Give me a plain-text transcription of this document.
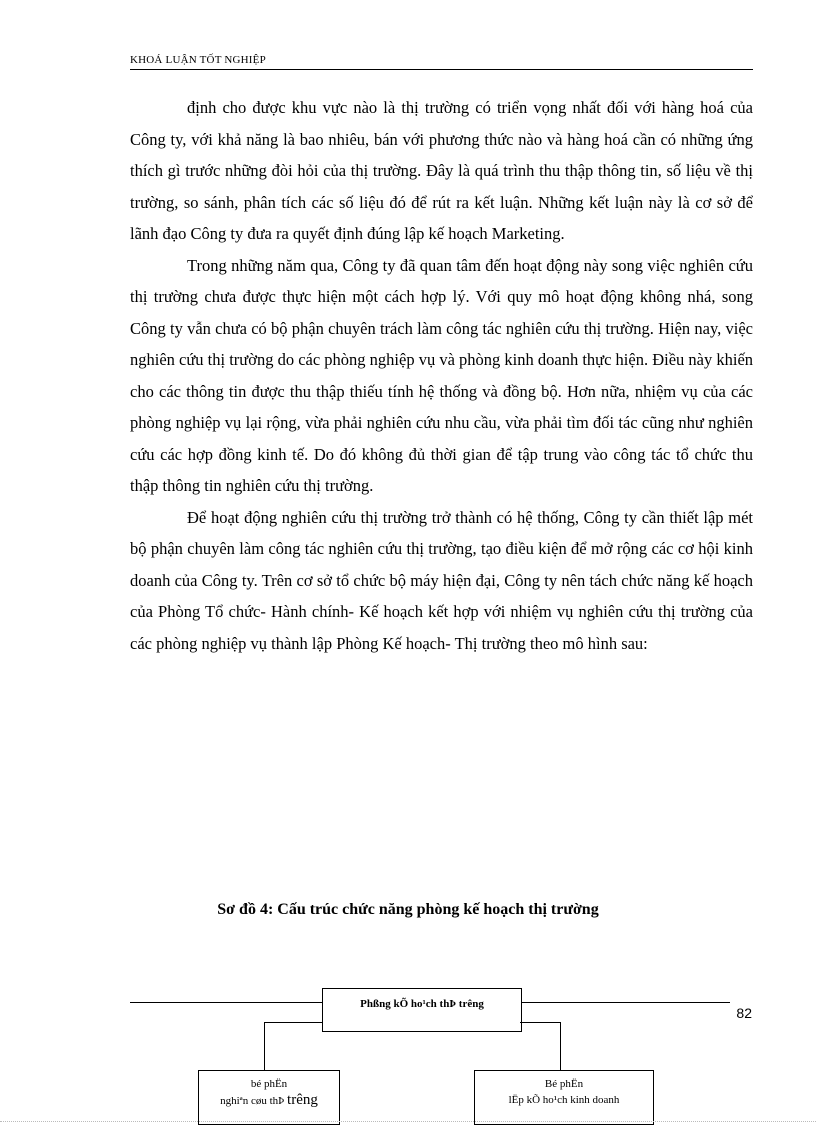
KHOÁ LUẬN TỐT NGHIỆP

định cho được khu vực nào là thị trường có triển vọng nhất đối với hàng hoá của Công ty, với khả năng là bao nhiêu, bán với phương thức nào và hàng hoá cần có những ứng thích gì trước những đòi hỏi của thị trường. Đây là quá trình thu thập thông tin, số liệu về thị trường, so sánh, phân tích các số liệu đó để rút ra kết luận. Những kết luận này là cơ sở để lãnh đạo Công ty đưa ra quyết định đúng lập kế hoạch Marketing.

Trong những năm qua, Công ty đã quan tâm đến hoạt động này song việc nghiên cứu thị trường chưa được thực hiện một cách hợp lý. Với quy mô hoạt động không nhá, song Công ty vẫn chưa có bộ phận chuyên trách làm công tác nghiên cứu thị trường. Hiện nay, việc nghiên cứu thị trường do các phòng nghiệp vụ và phòng kinh doanh thực hiện. Điều này khiến cho các thông tin được thu thập thiếu tính hệ thống và đồng bộ. Hơn nữa, nhiệm vụ của các phòng nghiệp vụ lại rộng, vừa phải nghiên cứu nhu cầu, vừa phải tìm đối tác cũng như nghiên cứu các hợp đồng kinh tế. Do đó không đủ thời gian để tập trung vào công tác tổ chức thu thập thông tin nghiên cứu thị trường.

Để hoạt động nghiên cứu thị trường trở thành có hệ thống, Công ty cần thiết lập mét bộ phận chuyên làm công tác nghiên cứu thị trường, tạo điều kiện để mở rộng các cơ hội kinh doanh của Công ty. Trên cơ sở tổ chức bộ máy hiện đại, Công ty nên tách chức năng kế hoạch của Phòng Tổ chức- Hành chính- Kế hoạch kết hợp với nhiệm vụ nghiên cứu thị trường của các phòng nghiệp vụ thành lập Phòng Kế hoạch- Thị trường theo mô hình sau:

Sơ đồ 4: Cấu trúc chức năng phòng kế hoạch thị trường
82
Phßng kÕ ho¹ch thÞ trêng
bé phËn
nghiªn cøu thÞ trêng
Bé phËn
lËp kÕ ho¹ch kinh doanh
